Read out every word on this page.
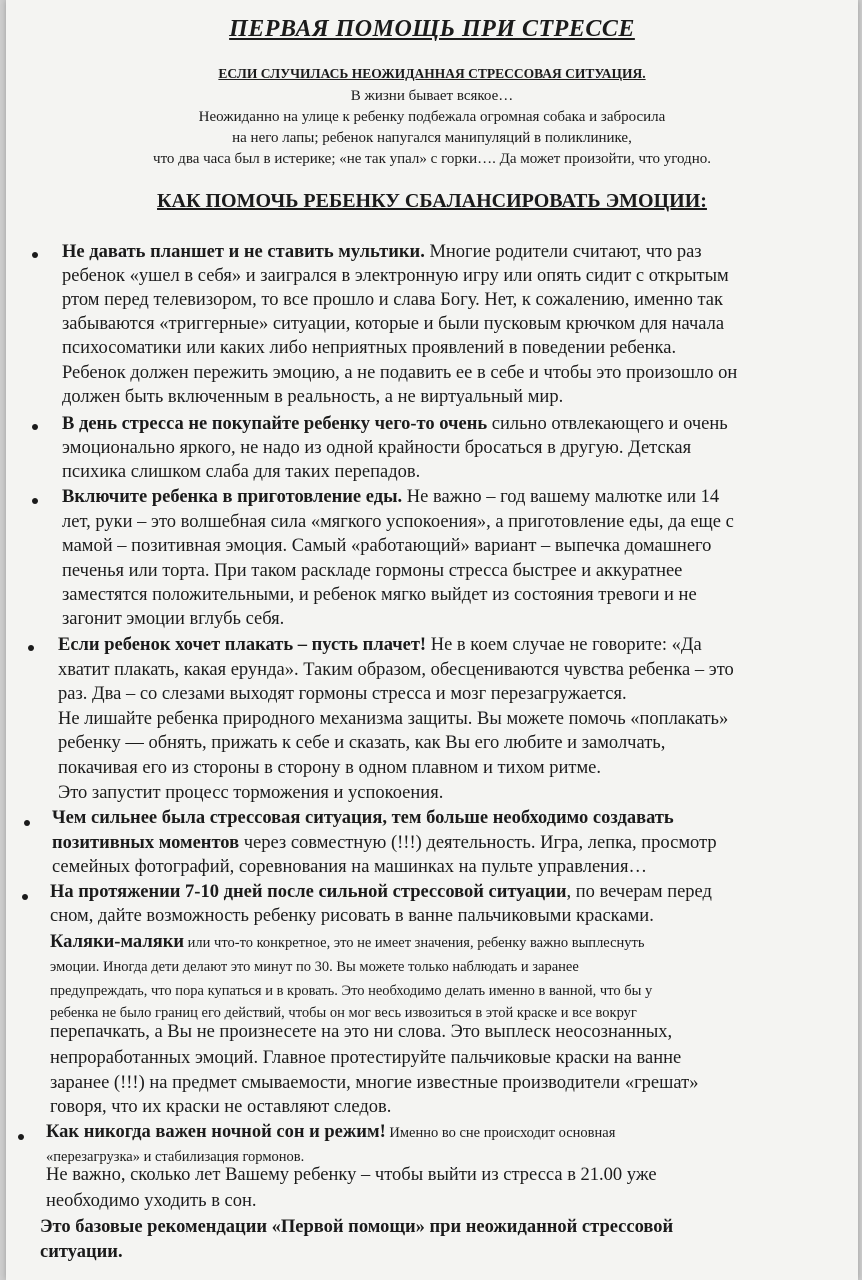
ПЕРВАЯ ПОМОЩЬ ПРИ СТРЕССЕ
ЕСЛИ СЛУЧИЛАСЬ НЕОЖИДАННАЯ СТРЕССОВАЯ СИТУАЦИЯ.
В жизни бывает всякое…
Неожиданно на улице к ребенку подбежала огромная собака и забросила
на него лапы; ребенок напугался манипуляций в поликлинике,
что два часа был в истерике; «не так упал» с горки…. Да может произойти, что угодно.
КАК ПОМОЧЬ РЕБЕНКУ СБАЛАНСИРОВАТЬ ЭМОЦИИ:
Не давать планшет и не ставить мультики. Многие родители считают, что раз
ребенок «ушел в себя» и заигрался в электронную игру или опять сидит с открытым
ртом перед телевизором, то все прошло и слава Богу. Нет, к сожалению, именно так
забываются «триггерные» ситуации, которые и были пусковым крючком для начала
психосоматики или каких либо неприятных проявлений в поведении ребенка.
Ребенок должен пережить эмоцию, а не подавить ее в себе и чтобы это произошло он
должен быть включенным в реальность, а не виртуальный мир.
В день стресса не покупайте ребенку чего-то очень сильно отвлекающего и очень
эмоционально яркого, не надо из одной крайности бросаться в другую. Детская
психика слишком слаба для таких перепадов.
Включите ребенка в приготовление еды. Не важно – год вашему малютке или 14
лет, руки – это волшебная сила «мягкого успокоения», а приготовление еды, да еще с
мамой – позитивная эмоция. Самый «работающий» вариант – выпечка домашнего
печенья или торта. При таком раскладе гормоны стресса быстрее и аккуратнее
заместятся положительными, и ребенок мягко выйдет из состояния тревоги и не
загонит эмоции вглубь себя.
Если ребенок хочет плакать – пусть плачет! Не в коем случае не говорите: «Да
хватит плакать, какая ерунда». Таким образом, обесцениваются чувства ребенка – это
раз. Два – со слезами выходят гормоны стресса и мозг перезагружается.
Не лишайте ребенка природного механизма защиты. Вы можете помочь «поплакать»
ребенку — обнять, прижать к себе и сказать, как Вы его любите и замолчать,
покачивая его из стороны в сторону в одном плавном и тихом ритме.
Это запустит процесс торможения и успокоения.
Чем сильнее была стрессовая ситуация, тем больше необходимо создавать
позитивных моментов через совместную (!!!) деятельность. Игра, лепка, просмотр
семейных фотографий, соревнования на машинках на пульте управления…
На протяжении 7-10 дней после сильной стрессовой ситуации, по вечерам перед
сном, дайте возможность ребенку рисовать в ванне пальчиковыми красками.
Каляки-маляки или что-то конкретное, это не имеет значения, ребенку важно выплеснуть
эмоции. Иногда дети делают это минут по 30. Вы можете только наблюдать и заранее
предупреждать, что пора купаться и в кровать. Это необходимо делать именно в ванной, что бы у
ребенка не было границ его действий, чтобы он мог весь извозиться в этой краске и все вокруг
перепачкать, а Вы не произнесете на это ни слова. Это выплеск неосознанных,
непроработанных эмоций. Главное протестируйте пальчиковые краски на ванне
заранее (!!!) на предмет смываемости, многие известные производители «грешат»
говоря, что их краски не оставляют следов.
Как никогда важен ночной сон и режим! Именно во сне происходит основная
«перезагрузка» и стабилизация гормонов.
Не важно, сколько лет Вашему ребенку – чтобы выйти из стресса в 21.00 уже
необходимо уходить в сон.
Это базовые рекомендации «Первой помощи» при неожиданной стрессовой
ситуации.
